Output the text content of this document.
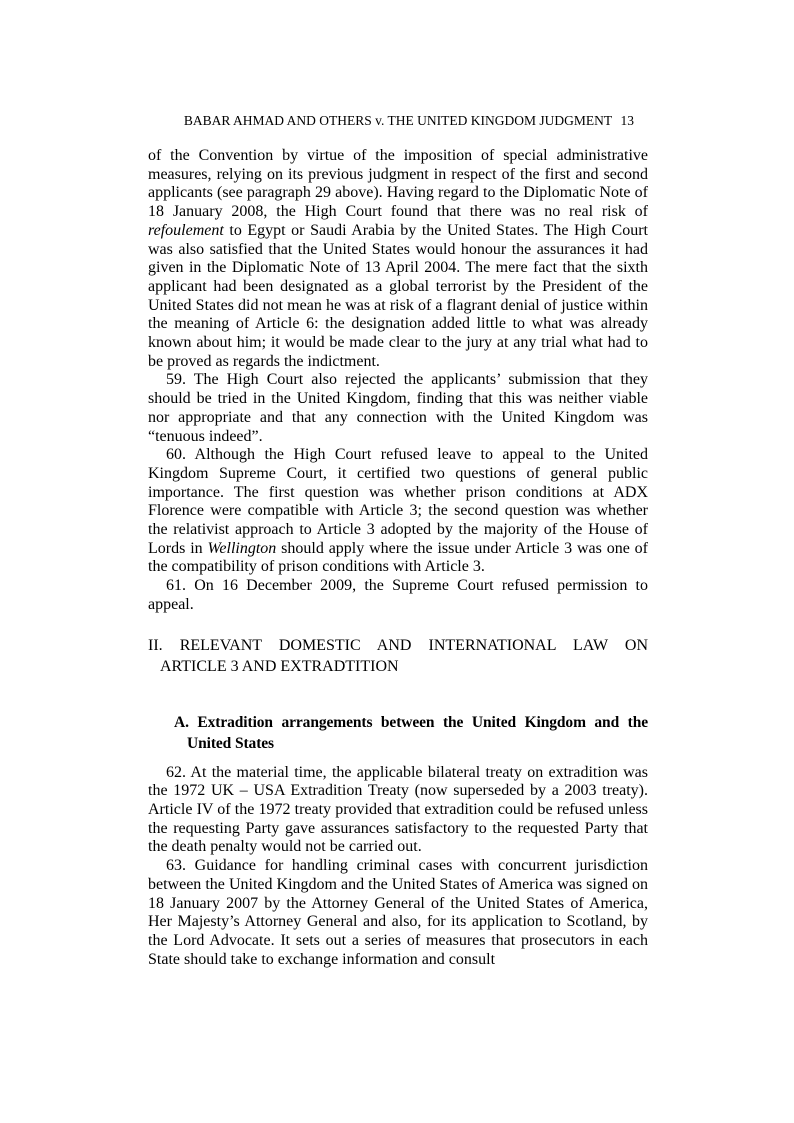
BABAR AHMAD AND OTHERS v. THE UNITED KINGDOM JUDGMENT 13

of the Convention by virtue of the imposition of special administrative measures, relying on its previous judgment in respect of the first and second applicants (see paragraph 29 above). Having regard to the Diplomatic Note of 18 January 2008, the High Court found that there was no real risk of refoulement to Egypt or Saudi Arabia by the United States. The High Court was also satisfied that the United States would honour the assurances it had given in the Diplomatic Note of 13 April 2004. The mere fact that the sixth applicant had been designated as a global terrorist by the President of the United States did not mean he was at risk of a flagrant denial of justice within the meaning of Article 6: the designation added little to what was already known about him; it would be made clear to the jury at any trial what had to be proved as regards the indictment.

59. The High Court also rejected the applicants’ submission that they should be tried in the United Kingdom, finding that this was neither viable nor appropriate and that any connection with the United Kingdom was “tenuous indeed”.

60. Although the High Court refused leave to appeal to the United Kingdom Supreme Court, it certified two questions of general public importance. The first question was whether prison conditions at ADX Florence were compatible with Article 3; the second question was whether the relativist approach to Article 3 adopted by the majority of the House of Lords in Wellington should apply where the issue under Article 3 was one of the compatibility of prison conditions with Article 3.

61. On 16 December 2009, the Supreme Court refused permission to appeal.

II. RELEVANT DOMESTIC AND INTERNATIONAL LAW ON
ARTICLE 3 AND EXTRADTITION
A. Extradition arrangements between the United Kingdom and the
United States

62. At the material time, the applicable bilateral treaty on extradition was the 1972 UK – USA Extradition Treaty (now superseded by a 2003 treaty). Article IV of the 1972 treaty provided that extradition could be refused unless the requesting Party gave assurances satisfactory to the requested Party that the death penalty would not be carried out.

63. Guidance for handling criminal cases with concurrent jurisdiction between the United Kingdom and the United States of America was signed on 18 January 2007 by the Attorney General of the United States of America, Her Majesty’s Attorney General and also, for its application to Scotland, by the Lord Advocate. It sets out a series of measures that prosecutors in each State should take to exchange information and consult
